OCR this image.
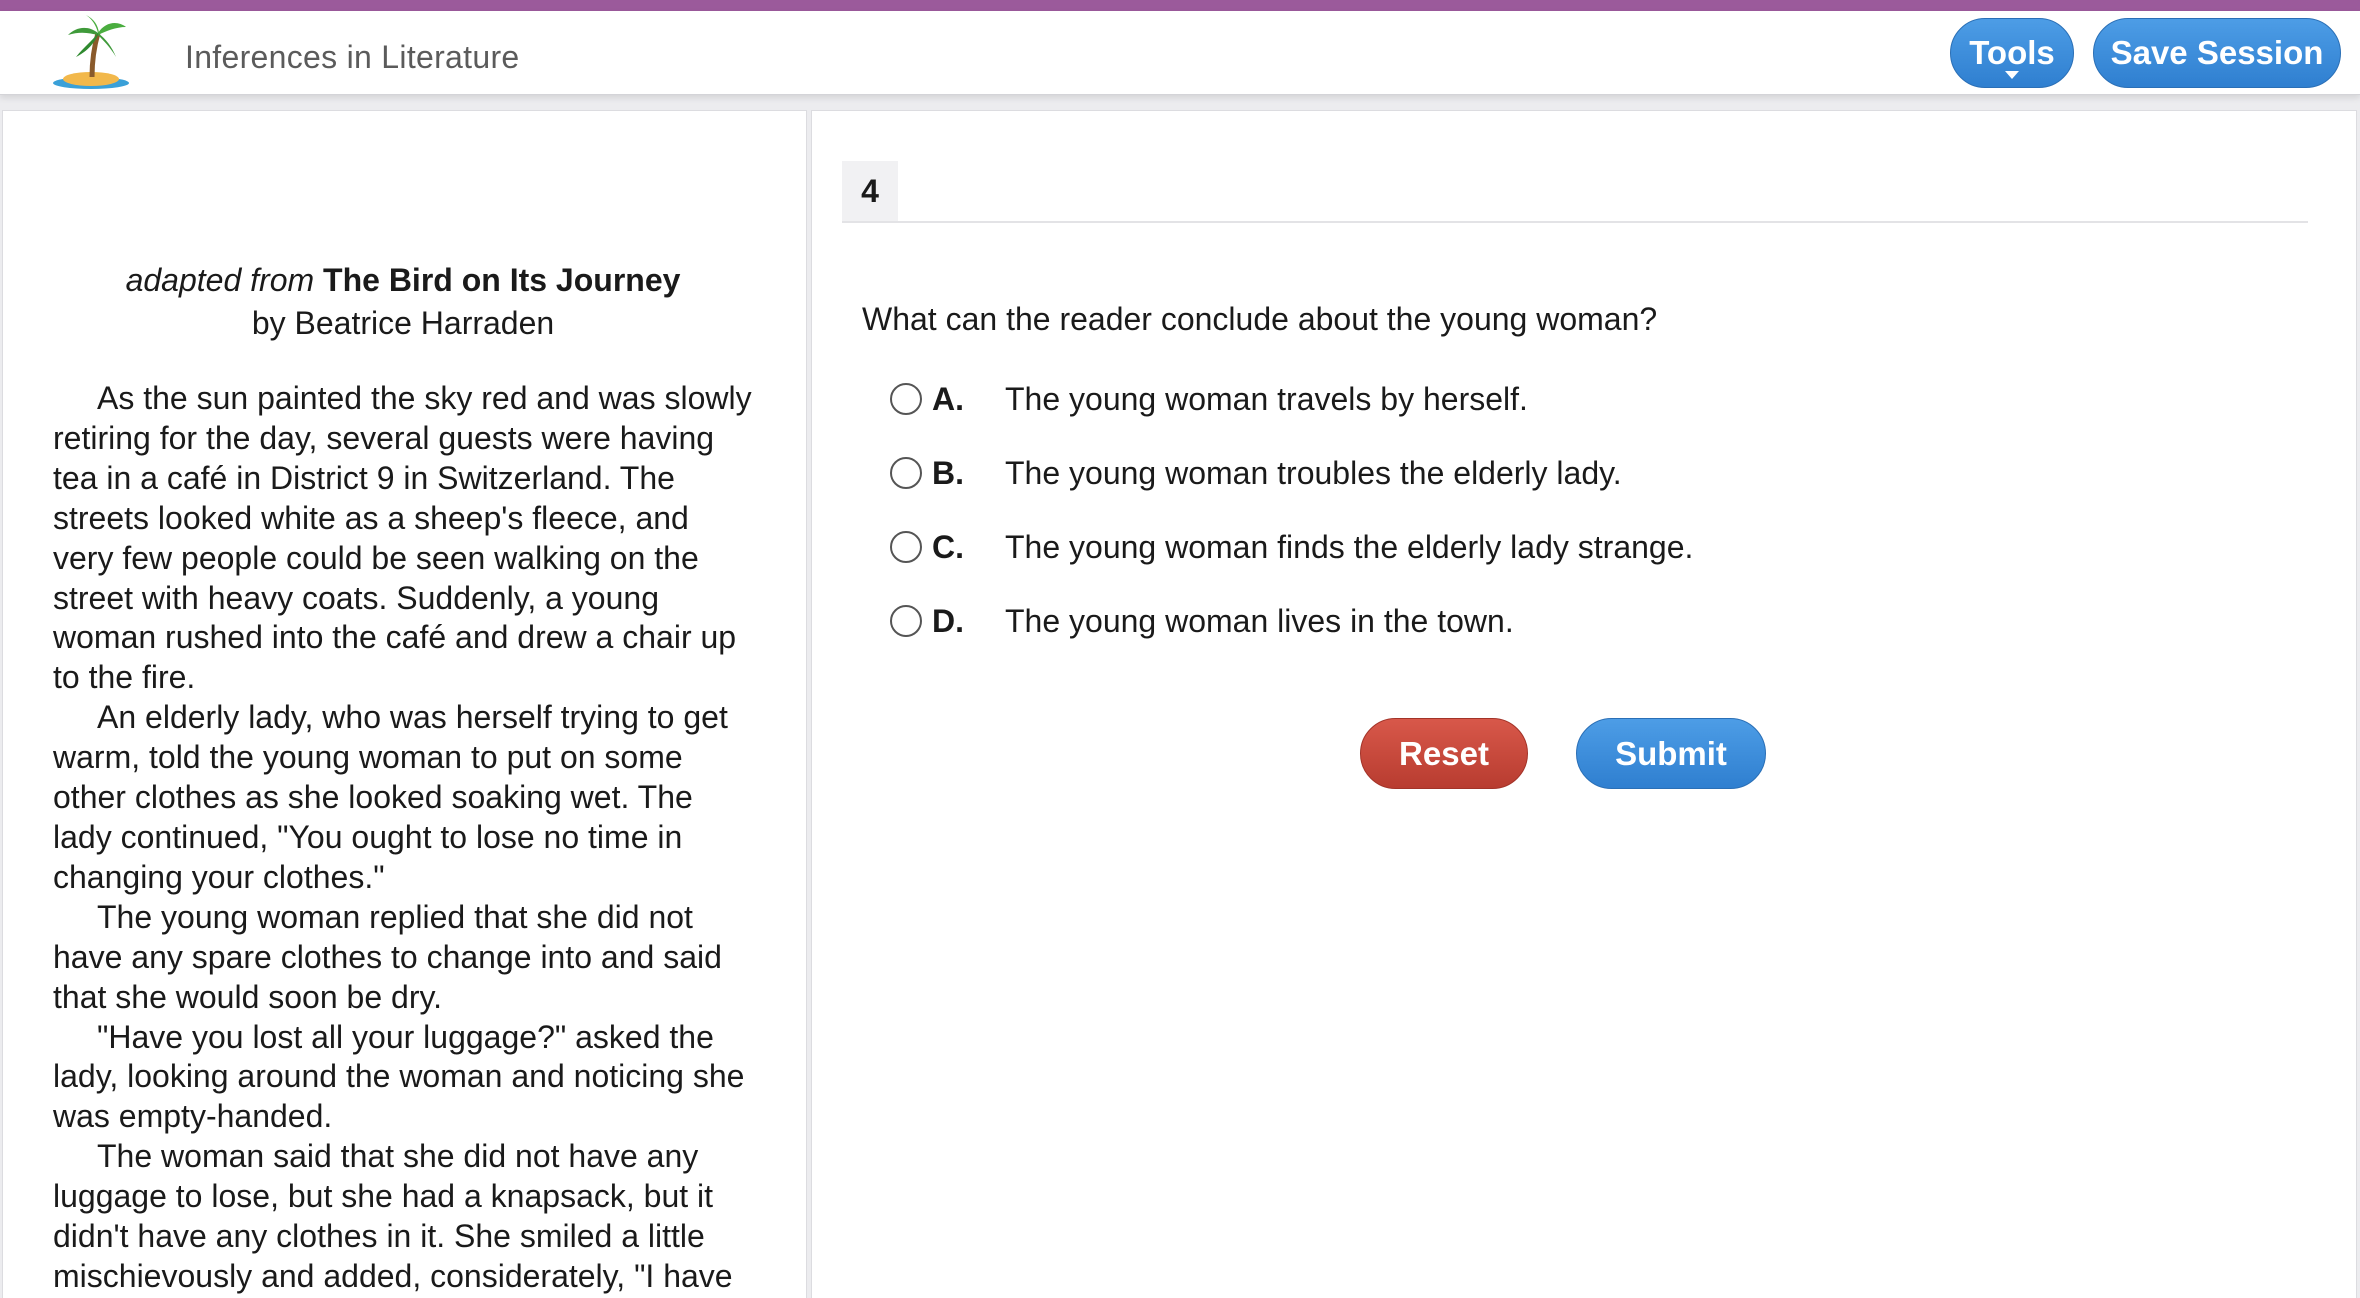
Inferences in Literature	Tools	Save Session
adapted from The Bird on Its Journey
by Beatrice Harraden

As the sun painted the sky red and was slowly retiring for the day, several guests were having tea in a café in District 9 in Switzerland. The streets looked white as a sheep's fleece, and very few people could be seen walking on the street with heavy coats. Suddenly, a young woman rushed into the café and drew a chair up to the fire.

An elderly lady, who was herself trying to get warm, told the young woman to put on some other clothes as she looked soaking wet. The lady continued, "You ought to lose no time in changing your clothes."

The young woman replied that she did not have any spare clothes to change into and said that she would soon be dry.

"Have you lost all your luggage?" asked the lady, looking around the woman and noticing she was empty-handed.

The woman said that she did not have any luggage to lose, but she had a knapsack, but it didn't have any clothes in it. She smiled a little mischievously and added, considerately, "I have

4
What can the reader conclude about the young woman?
A.	The young woman travels by herself.
B.	The young woman troubles the elderly lady.
C.	The young woman finds the elderly lady strange.
D.	The young woman lives in the town.
Reset	Submit
